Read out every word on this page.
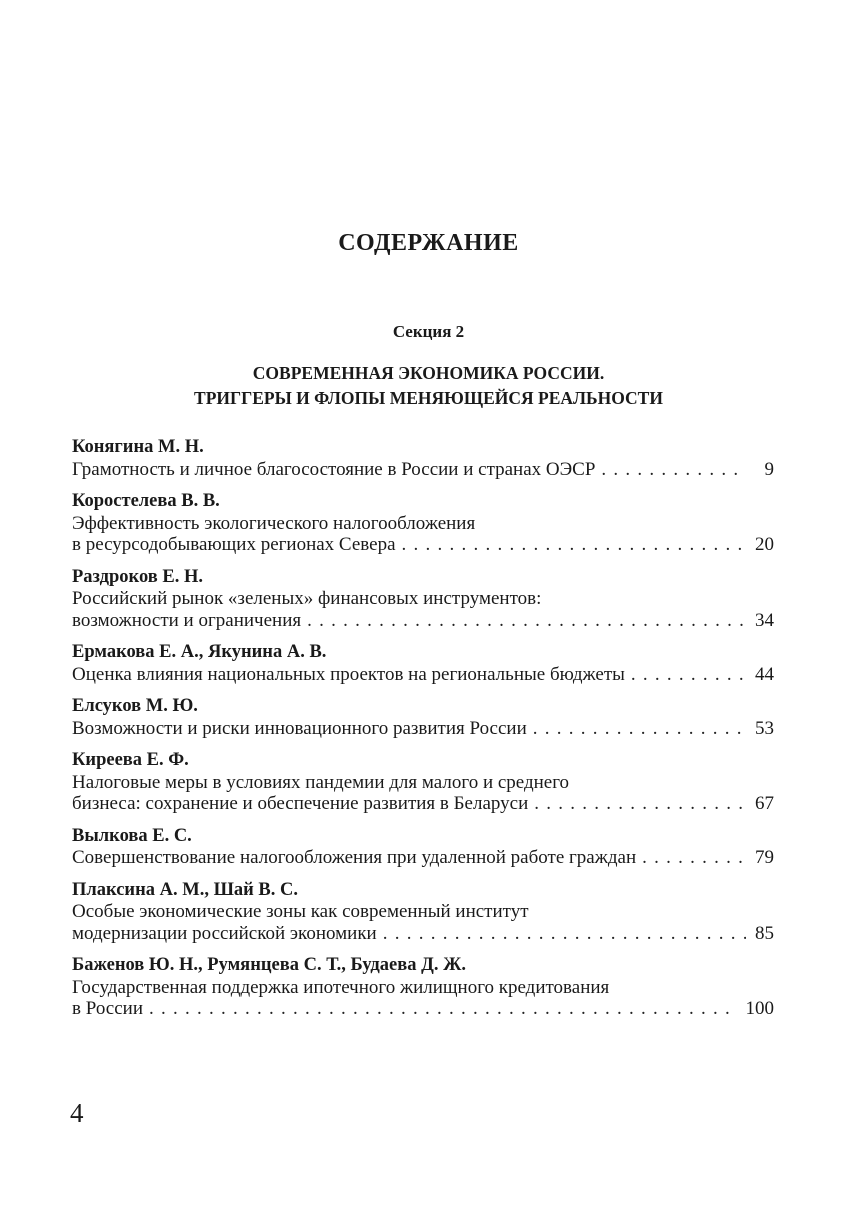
СОДЕРЖАНИЕ
Секция 2
СОВРЕМЕННАЯ ЭКОНОМИКА РОССИИ.
ТРИГГЕРЫ И ФЛОПЫ МЕНЯЮЩЕЙСЯ РЕАЛЬНОСТИ
Конягина М. Н.
Грамотность и личное благосостояние в России и странах ОЭСР . . .	9
Коростелева В. В.
Эффективность экологического налогообложения
в ресурсодобывающих регионах Севера . . .	20
Раздроков Е. Н.
Российский рынок «зеленых» финансовых инструментов:
возможности и ограничения . . .	34
Ермакова Е. А., Якунина А. В.
Оценка влияния национальных проектов на региональные бюджеты . . .	44
Елсуков М. Ю.
Возможности и риски инновационного развития России . . .	53
Киреева Е. Ф.
Налоговые меры в условиях пандемии для малого и среднего
бизнеса: сохранение и обеспечение развития в Беларуси . . .	67
Вылкова Е. С.
Совершенствование налогообложения при удаленной работе граждан . . .	79
Плаксина А. М., Шай В. С.
Особые экономические зоны как современный институт
модернизации российской экономики . . .	85
Баженов Ю. Н., Румянцева С. Т., Будаева Д. Ж.
Государственная поддержка ипотечного жилищного кредитования
в России . . .	100
4
